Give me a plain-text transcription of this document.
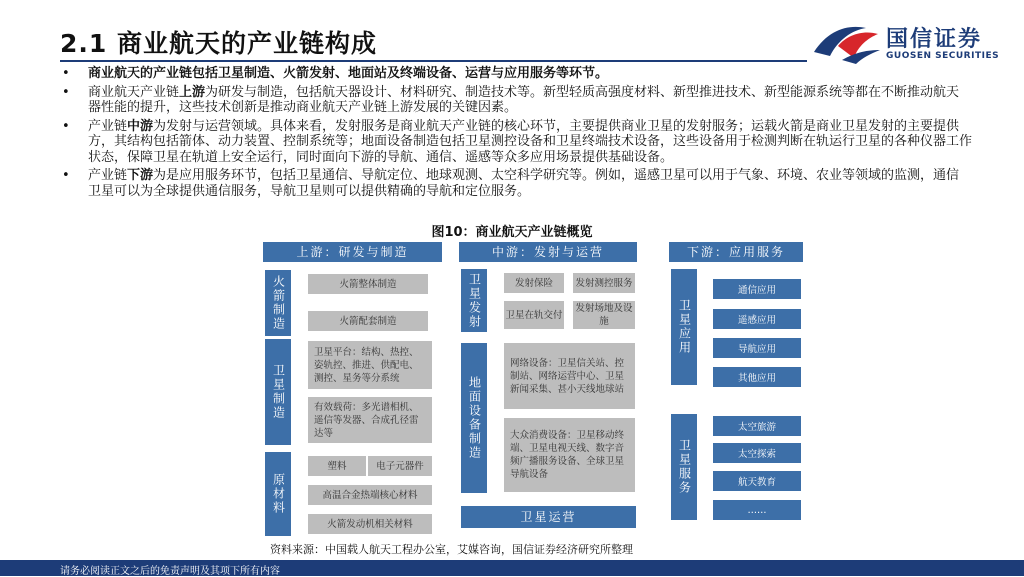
2.1 商业航天的产业链构成	国信证券
GUOSEN SECURITIES
• 商业航天的产业链包括卫星制造、火箭发射、地面站及终端设备、运营与应用服务等环节。
• 商业航天产业链上游为研发与制造，包括航天器设计、材料研究、制造技术等。新型轻质高强度材料、新型推进技术、新型能源系统等都在不断推动航天器性能的提升，这些技术创新是推动商业航天产业链上游发展的关键因素。
• 产业链中游为发射与运营领域。具体来看，发射服务是商业航天产业链的核心环节，主要提供商业卫星的发射服务；运载火箭是商业卫星发射的主要提供方，其结构包括箭体、动力装置、控制系统等；地面设备制造包括卫星测控设备和卫星终端技术设备，这些设备用于检测判断在轨运行卫星的各种仪器工作状态，保障卫星在轨道上安全运行，同时面向下游的导航、通信、遥感等众多应用场景提供基础设备。
• 产业链下游为是应用服务环节，包括卫星通信、导航定位、地球观测、太空科学研究等。例如，遥感卫星可以用于气象、环境、农业等领域的监测，通信卫星可以为全球提供通信服务，导航卫星则可以提供精确的导航和定位服务。
图10：商业航天产业链概览
上游：研发与制造
火箭制造	火箭整体制造
火箭配套制造
卫星制造
卫星平台：结构、热控、姿轨控、推进、供配电、测控、星务等分系统
有效载荷：多光谱相机、遥信等发器、合成孔径雷达等
原材料
塑料	电子元器件
高温合金热端核心材料
火箭发动机相关材料
中游：发射与运营
卫星发射	发射保险	发射测控服务
卫星在轨交付
发射场地及设施
地面设备制造
网络设备：卫星信关站、控制站、网络运营中心、卫星新闻采集、甚小天线地球站
大众消费设备：卫星移动终端、卫星电视天线、数字音频广播服务设备、全球卫星导航设备
卫星运营
下游：应用服务
卫星应用
通信应用
遥感应用
导航应用
其他应用
卫星服务
太空旅游
太空探索
航天教育
……
资料来源：中国载人航天工程办公室，艾媒咨询，国信证券经济研究所整理
请务必阅读正文之后的免责声明及其项下所有内容
